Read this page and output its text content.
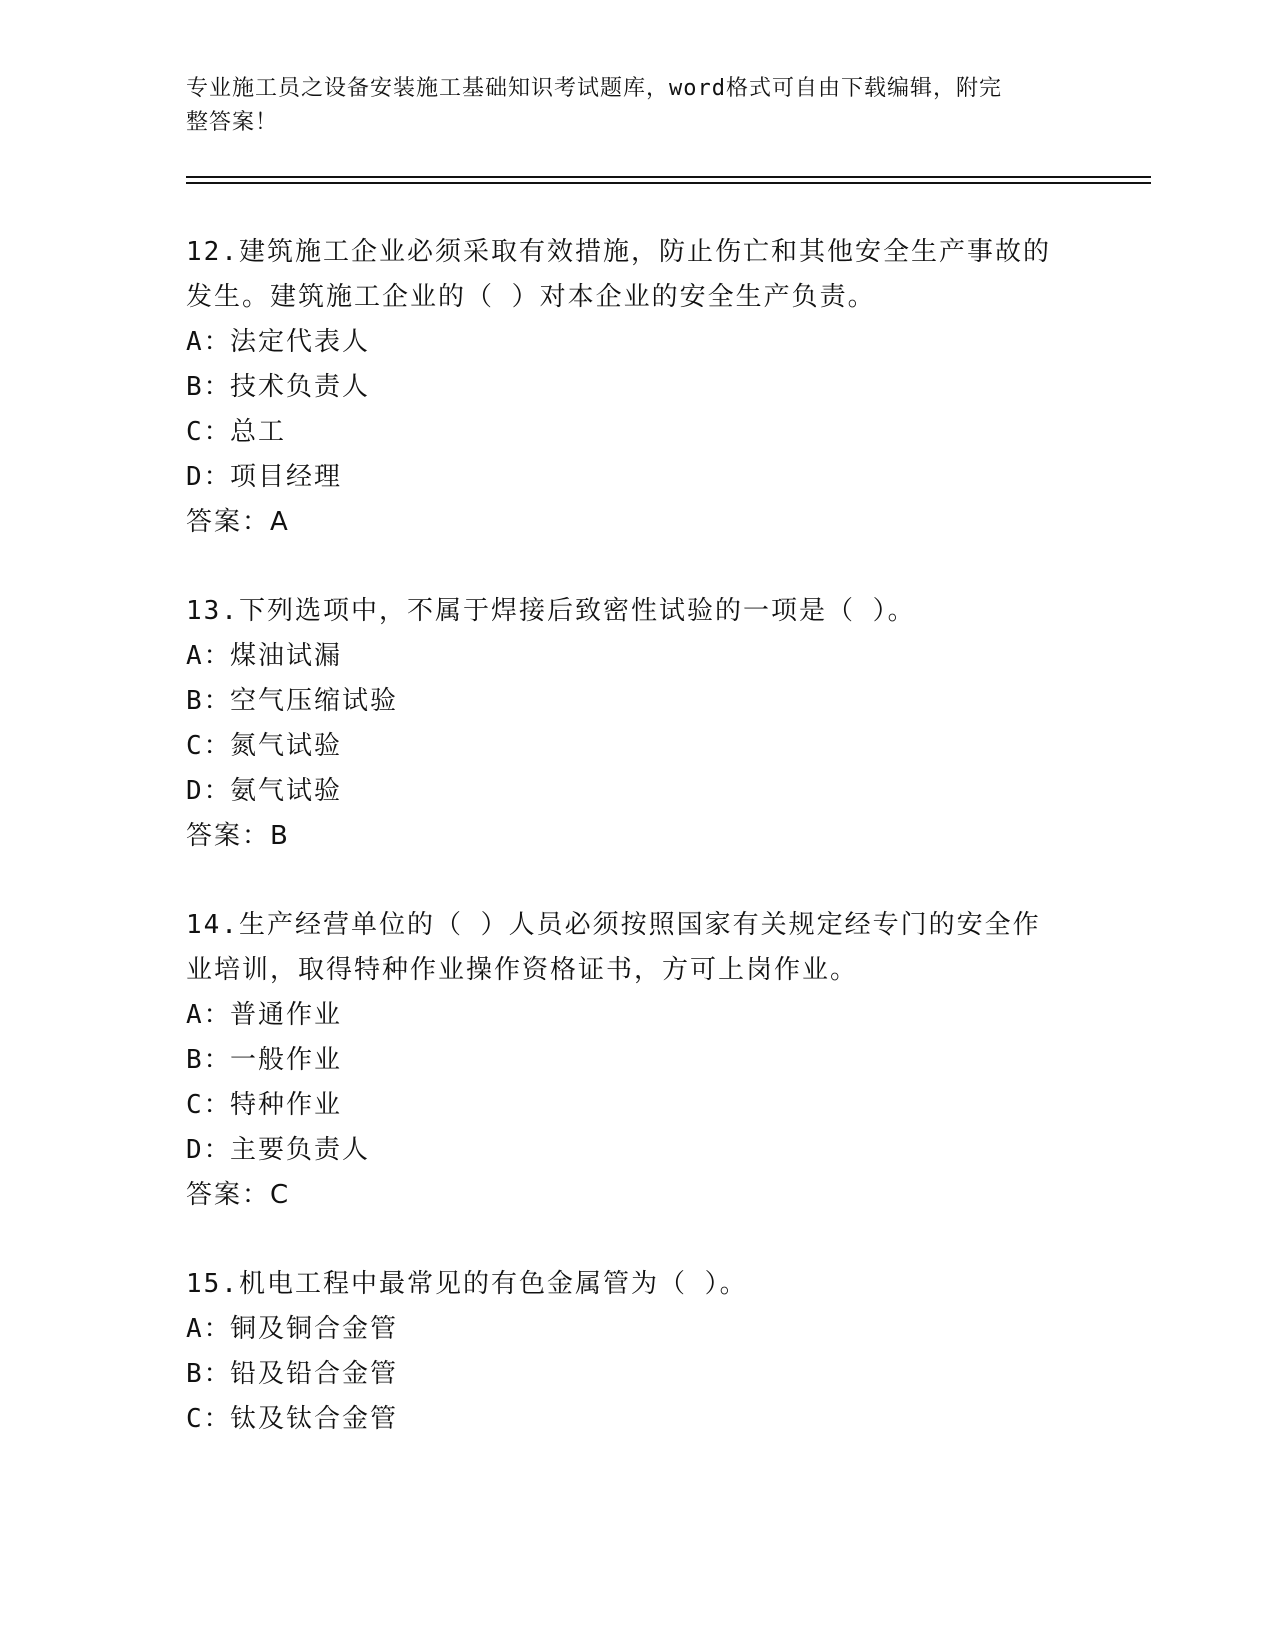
专业施工员之设备安装施工基础知识考试题库，word格式可自由下载编辑，附完
整答案！
12.建筑施工企业必须采取有效措施，防止伤亡和其他安全生产事故的
发生。建筑施工企业的（ ）对本企业的安全生产负责。
A：
法定代表人
B：
技术负责人
C：
总工
D：
项目经理
答案：A
13.下列选项中，不属于焊接后致密性试验的一项是（ ）。
A：
煤油试漏
B：
空气压缩试验
C：
氮气试验
D：
氨气试验
答案：B
14.生产经营单位的（ ）人员必须按照国家有关规定经专门的安全作
业培训，取得特种作业操作资格证书，方可上岗作业。
A：
普通作业
B：
一般作业
C：
特种作业
D：
主要负责人
答案：C
15.机电工程中最常见的有色金属管为（ ）。
A：
铜及铜合金管
B：
铅及铅合金管
C：
钛及钛合金管
